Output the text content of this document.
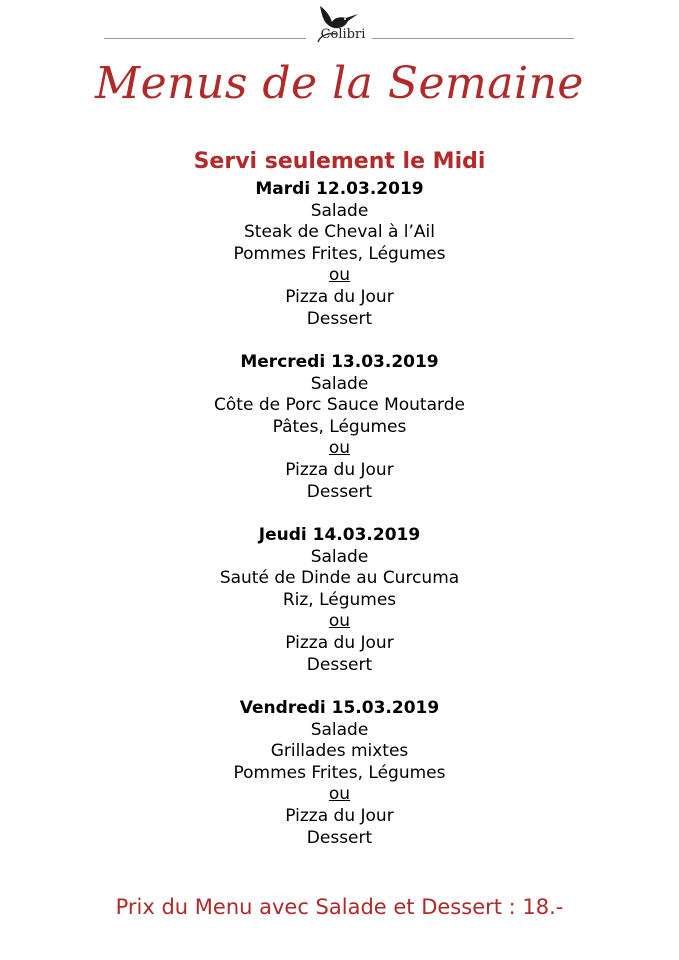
Colibri
Menus de la Semaine
Servi seulement le Midi
Mardi 12.03.2019
Salade
Steak de Cheval à l’Ail
Pommes Frites, Légumes
ou
Pizza du Jour
Dessert
Mercredi 13.03.2019
Salade
Côte de Porc Sauce Moutarde
Pâtes, Légumes
ou
Pizza du Jour
Dessert
Jeudi 14.03.2019
Salade
Sauté de Dinde au Curcuma
Riz, Légumes
ou
Pizza du Jour
Dessert
Vendredi 15.03.2019
Salade
Grillades mixtes
Pommes Frites, Légumes
ou
Pizza du Jour
Dessert
Prix du Menu avec Salade et Dessert : 18.-
